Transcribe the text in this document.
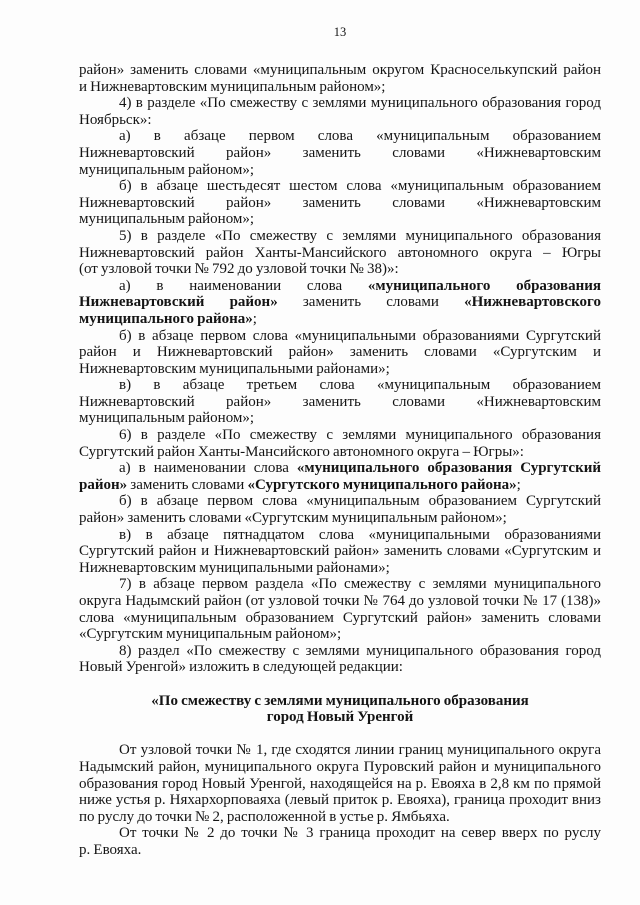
13
район» заменить словами «муниципальным округом Красноселькупский район
и Нижневартовским муниципальным районом»;
4) в разделе «По смежеству с землями муниципального образования город
Ноябрьск»:
а) в абзаце первом слова «муниципальным образованием
Нижневартовский район» заменить словами «Нижневартовским
муниципальным районом»;
б) в абзаце шестьдесят шестом слова «муниципальным образованием
Нижневартовский район» заменить словами «Нижневартовским
муниципальным районом»;
5) в разделе «По смежеству с землями муниципального образования
Нижневартовский район Ханты-Мансийского автономного округа – Югры
(от узловой точки № 792 до узловой точки № 38)»:
а) в наименовании слова «муниципального образования
Нижневартовский район» заменить словами «Нижневартовского
муниципального района»;
б) в абзаце первом слова «муниципальными образованиями Сургутский
район и Нижневартовский район» заменить словами «Сургутским и
Нижневартовским муниципальными районами»;
в) в абзаце третьем слова «муниципальным образованием
Нижневартовский район» заменить словами «Нижневартовским
муниципальным районом»;
6) в разделе «По смежеству с землями муниципального образования
Сургутский район Ханты-Мансийского автономного округа – Югры»:
а) в наименовании слова «муниципального образования Сургутский
район» заменить словами «Сургутского муниципального района»;
б) в абзаце первом слова «муниципальным образованием Сургутский
район» заменить словами «Сургутским муниципальным районом»;
в) в абзаце пятнадцатом слова «муниципальными образованиями
Сургутский район и Нижневартовский район» заменить словами «Сургутским и
Нижневартовским муниципальными районами»;
7) в абзаце первом раздела «По смежеству с землями муниципального
округа Надымский район (от узловой точки № 764 до узловой точки № 17 (138)»
слова «муниципальным образованием Сургутский район» заменить словами
«Сургутским муниципальным районом»;
8) раздел «По смежеству с землями муниципального образования город
Новый Уренгой» изложить в следующей редакции:
«По смежеству с землями муниципального образования
город Новый Уренгой
От узловой точки № 1, где сходятся линии границ муниципального округа
Надымский район, муниципального округа Пуровский район и муниципального
образования город Новый Уренгой, находящейся на р. Евояха в 2,8 км по прямой
ниже устья р. Няхархорповаяха (левый приток р. Евояха), граница проходит вниз
по руслу до точки № 2, расположенной в устье р. Ямбьяха.
От точки № 2 до точки № 3 граница проходит на север вверх по руслу
р. Евояха.
